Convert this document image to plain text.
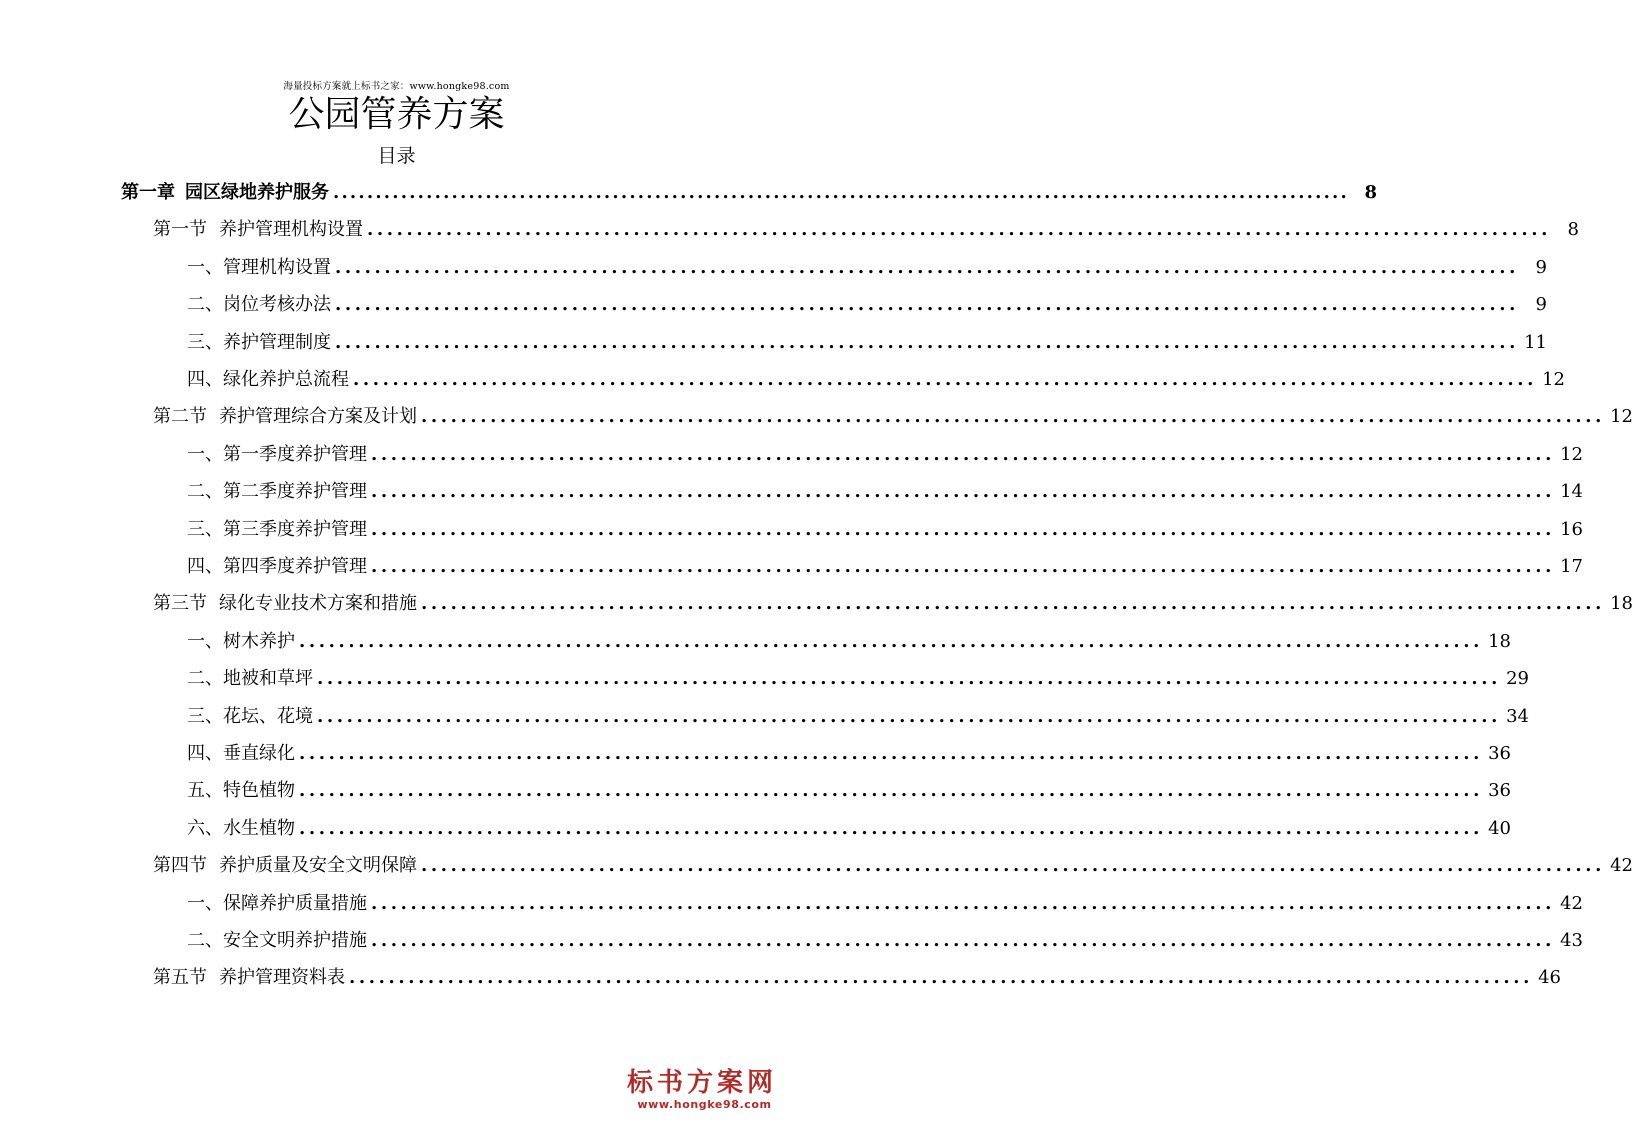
海量投标方案就上标书之家：www.hongke98.com
公园管养方案
目录
第一章 园区绿地养护服务 ........................................................................................................................ 8
第一节 养护管理机构设置 ........................................................................................................................ 8
一、 管理机构设置 ........................................................................................................................ 9
二、 岗位考核办法 ........................................................................................................................ 9
三、 养护管理制度 ........................................................................................................................ 11
四、 绿化养护总流程 ........................................................................................................................ 12
第二节 养护管理综合方案及计划 ........................................................................................................................ 12
一、 第一季度养护管理 ........................................................................................................................ 12
二、 第二季度养护管理 ........................................................................................................................ 14
三、 第三季度养护管理 ........................................................................................................................ 16
四、 第四季度养护管理 ........................................................................................................................ 17
第三节 绿化专业技术方案和措施 ........................................................................................................................ 18
一、 树木养护 ........................................................................................................................ 18
二、 地被和草坪 ........................................................................................................................ 29
三、 花坛、花境 ........................................................................................................................ 34
四、 垂直绿化 ........................................................................................................................ 36
五、 特色植物 ........................................................................................................................ 36
六、 水生植物 ........................................................................................................................ 40
第四节 养护质量及安全文明保障 ........................................................................................................................ 42
一、 保障养护质量措施 ........................................................................................................................ 42
二、 安全文明养护措施 ........................................................................................................................ 43
第五节 养护管理资料表 ........................................................................................................................ 46
标书方案网
www.hongke98.com
